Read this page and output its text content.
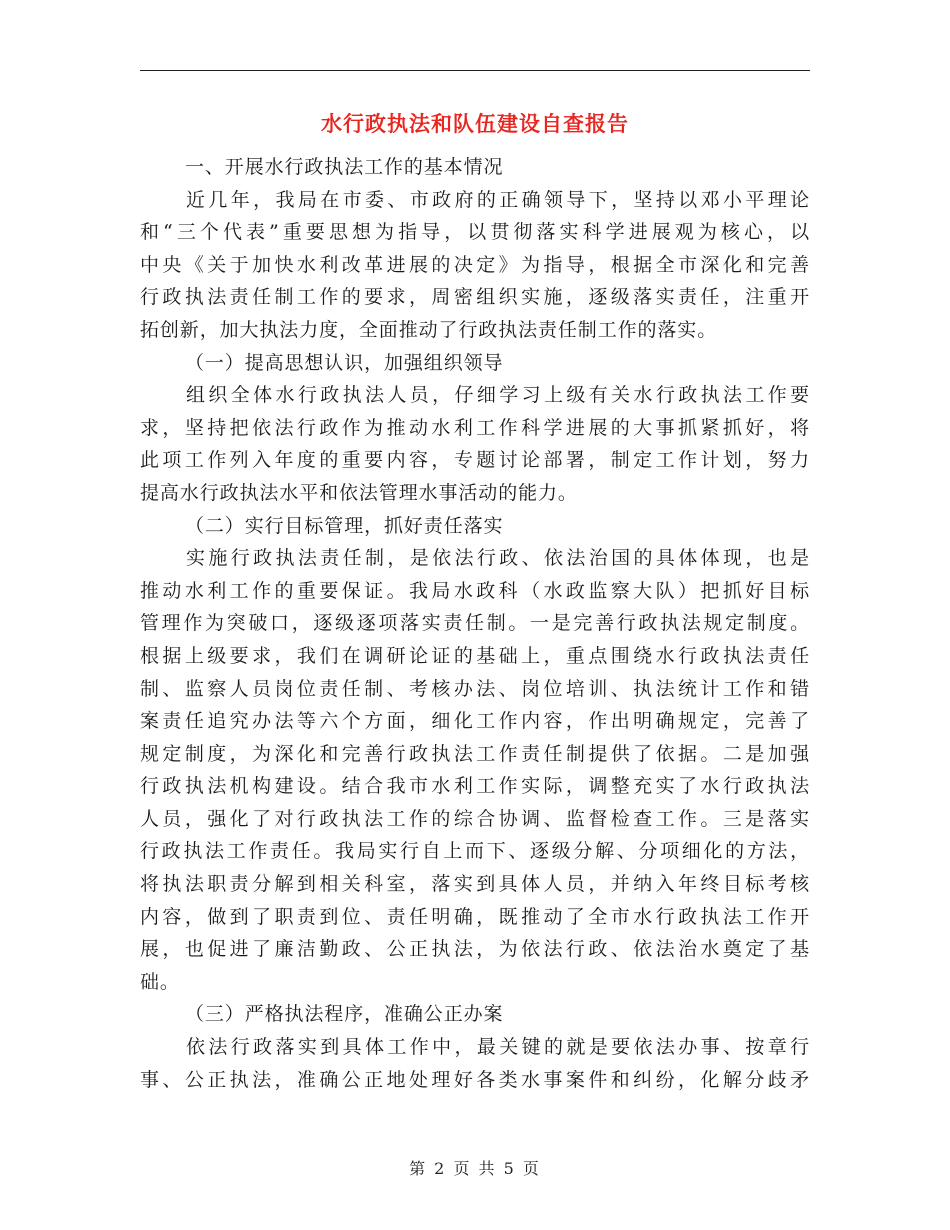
水行政执法和队伍建设自查报告
一、开展水行政执法工作的基本情况
近几年，我局在市委、市政府的正确领导下，坚持以邓小平理论
和“三个代表”重要思想为指导，以贯彻落实科学进展观为核心，以
中央《关于加快水利改革进展的决定》为指导，根据全市深化和完善
行政执法责任制工作的要求，周密组织实施，逐级落实责任，注重开
拓创新，加大执法力度，全面推动了行政执法责任制工作的落实。
（一）提高思想认识，加强组织领导
组织全体水行政执法人员，仔细学习上级有关水行政执法工作要
求，坚持把依法行政作为推动水利工作科学进展的大事抓紧抓好，将
此项工作列入年度的重要内容，专题讨论部署，制定工作计划，努力
提高水行政执法水平和依法管理水事活动的能力。
（二）实行目标管理，抓好责任落实
实施行政执法责任制，是依法行政、依法治国的具体体现，也是
推动水利工作的重要保证。我局水政科（水政监察大队）把抓好目标
管理作为突破口，逐级逐项落实责任制。一是完善行政执法规定制度。
根据上级要求，我们在调研论证的基础上，重点围绕水行政执法责任
制、监察人员岗位责任制、考核办法、岗位培训、执法统计工作和错
案责任追究办法等六个方面，细化工作内容，作出明确规定，完善了
规定制度，为深化和完善行政执法工作责任制提供了依据。二是加强
行政执法机构建设。结合我市水利工作实际，调整充实了水行政执法
人员，强化了对行政执法工作的综合协调、监督检查工作。三是落实
行政执法工作责任。我局实行自上而下、逐级分解、分项细化的方法，
将执法职责分解到相关科室，落实到具体人员，并纳入年终目标考核
内容，做到了职责到位、责任明确，既推动了全市水行政执法工作开
展，也促进了廉洁勤政、公正执法，为依法行政、依法治水奠定了基
础。
（三）严格执法程序，准确公正办案
依法行政落实到具体工作中，最关键的就是要依法办事、按章行
事、公正执法，准确公正地处理好各类水事案件和纠纷，化解分歧矛
第 2 页 共 5 页
